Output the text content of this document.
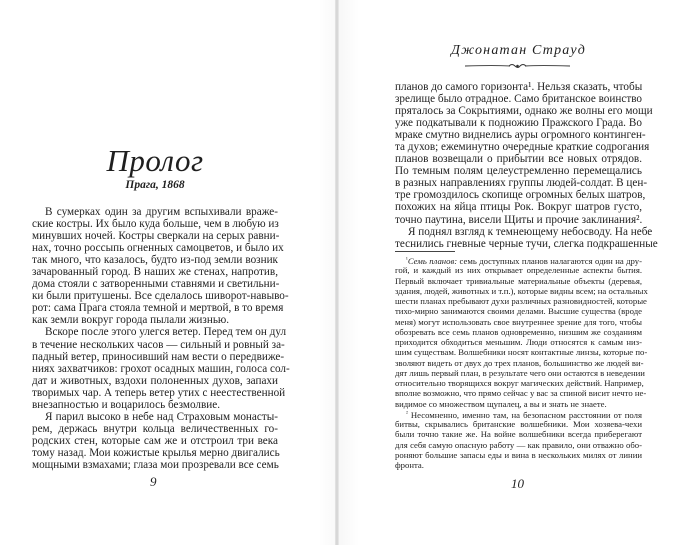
Пролог
Прага, 1868
В сумерках один за другим вспыхивали враже-
ские костры. Их было куда больше, чем в любую из
минувших ночей. Костры сверкали на серых равни-
нах, точно россыпь огненных самоцветов, и было их
так много, что казалось, будто из-под земли возник
зачарованный город. В наших же стенах, напротив,
дома стояли с затворенными ставнями и светильни-
ки были притушены. Все сделалось шиворот-навыво-
рот: сама Прага стояла темной и мертвой, в то время
как земли вокруг города пылали жизнью.
Вскоре после этого улегся ветер. Перед тем он дул
в течение нескольких часов — сильный и ровный за-
падный ветер, приносивший нам вести о передвиже-
ниях захватчиков: грохот осадных машин, голоса сол-
дат и животных, вздохи полоненных духов, запахи
творимых чар. А теперь ветер утих с неестественной
внезапностью и воцарилось безмолвие.
Я парил высоко в небе над Страховым монасты-
рем, держась внутри кольца величественных го-
родских стен, которые сам же и отстроил три века
тому назад. Мои кожистые крылья мерно двигались
мощными взмахами; глаза мои прозревали все семь
9
Джонатан Страуд
планов до самого горизонта¹. Нельзя сказать, чтобы
зрелище было отрадное. Само британское воинство
пряталось за Сокрытиями, однако же волны его мощи
уже подкатывали к подножию Пражского Града. Во
мраке смутно виднелись ауры огромного континген-
та духов; ежеминутно очередные краткие содрогания
планов возвещали о прибытии все новых отрядов.
По темным полям целеустремленно перемещались
в разных направлениях группы людей-солдат. В цен-
тре громоздилось скопище огромных белых шатров,
похожих на яйца птицы Рок. Вокруг шатров густо,
точно паутина, висели Щиты и прочие заклинания².
Я поднял взгляд к темнеющему небосводу. На небе
теснились гневные черные тучи, слегка подкрашенные
$^{^1}$Семь планов: семь доступных планов налагаются один на дру-
гой, и каждый из них открывает определенные аспекты бытия.
Первый включает тривиальные материальные объекты (деревья,
здания, людей, животных и т.п.), которые видны всем; на остальных
шести планах пребывают духи различных разновидностей, которые
тихо-мирно занимаются своими делами. Высшие существа (вроде
меня) могут использовать свое внутреннее зрение для того, чтобы
обозревать все семь планов одновременно, низшим же созданиям
приходится обходиться меньшим. Люди относятся к самым низ-
шим существам. Волшебники носят контактные линзы, которые по-
зволяют видеть от двух до трех планов, большинство же людей ви-
дят лишь первый план, в результате чего они остаются в неведении
относительно творящихся вокруг магических действий. Например,
вполне возможно, что прямо сейчас у вас за спиной висит нечто не-
видимое со множеством щупалец, а вы и знать не знаете.
$^{^2}$ Несомненно, именно там, на безопасном расстоянии от поля
битвы, скрывались британские волшебники. Мои хозяева-чехи
были точно такие же. На войне волшебники всегда приберегают
для себя самую опасную работу — как правило, они отважно обо-
роняют большие запасы еды и вина в нескольких милях от линии
фронта.
10
